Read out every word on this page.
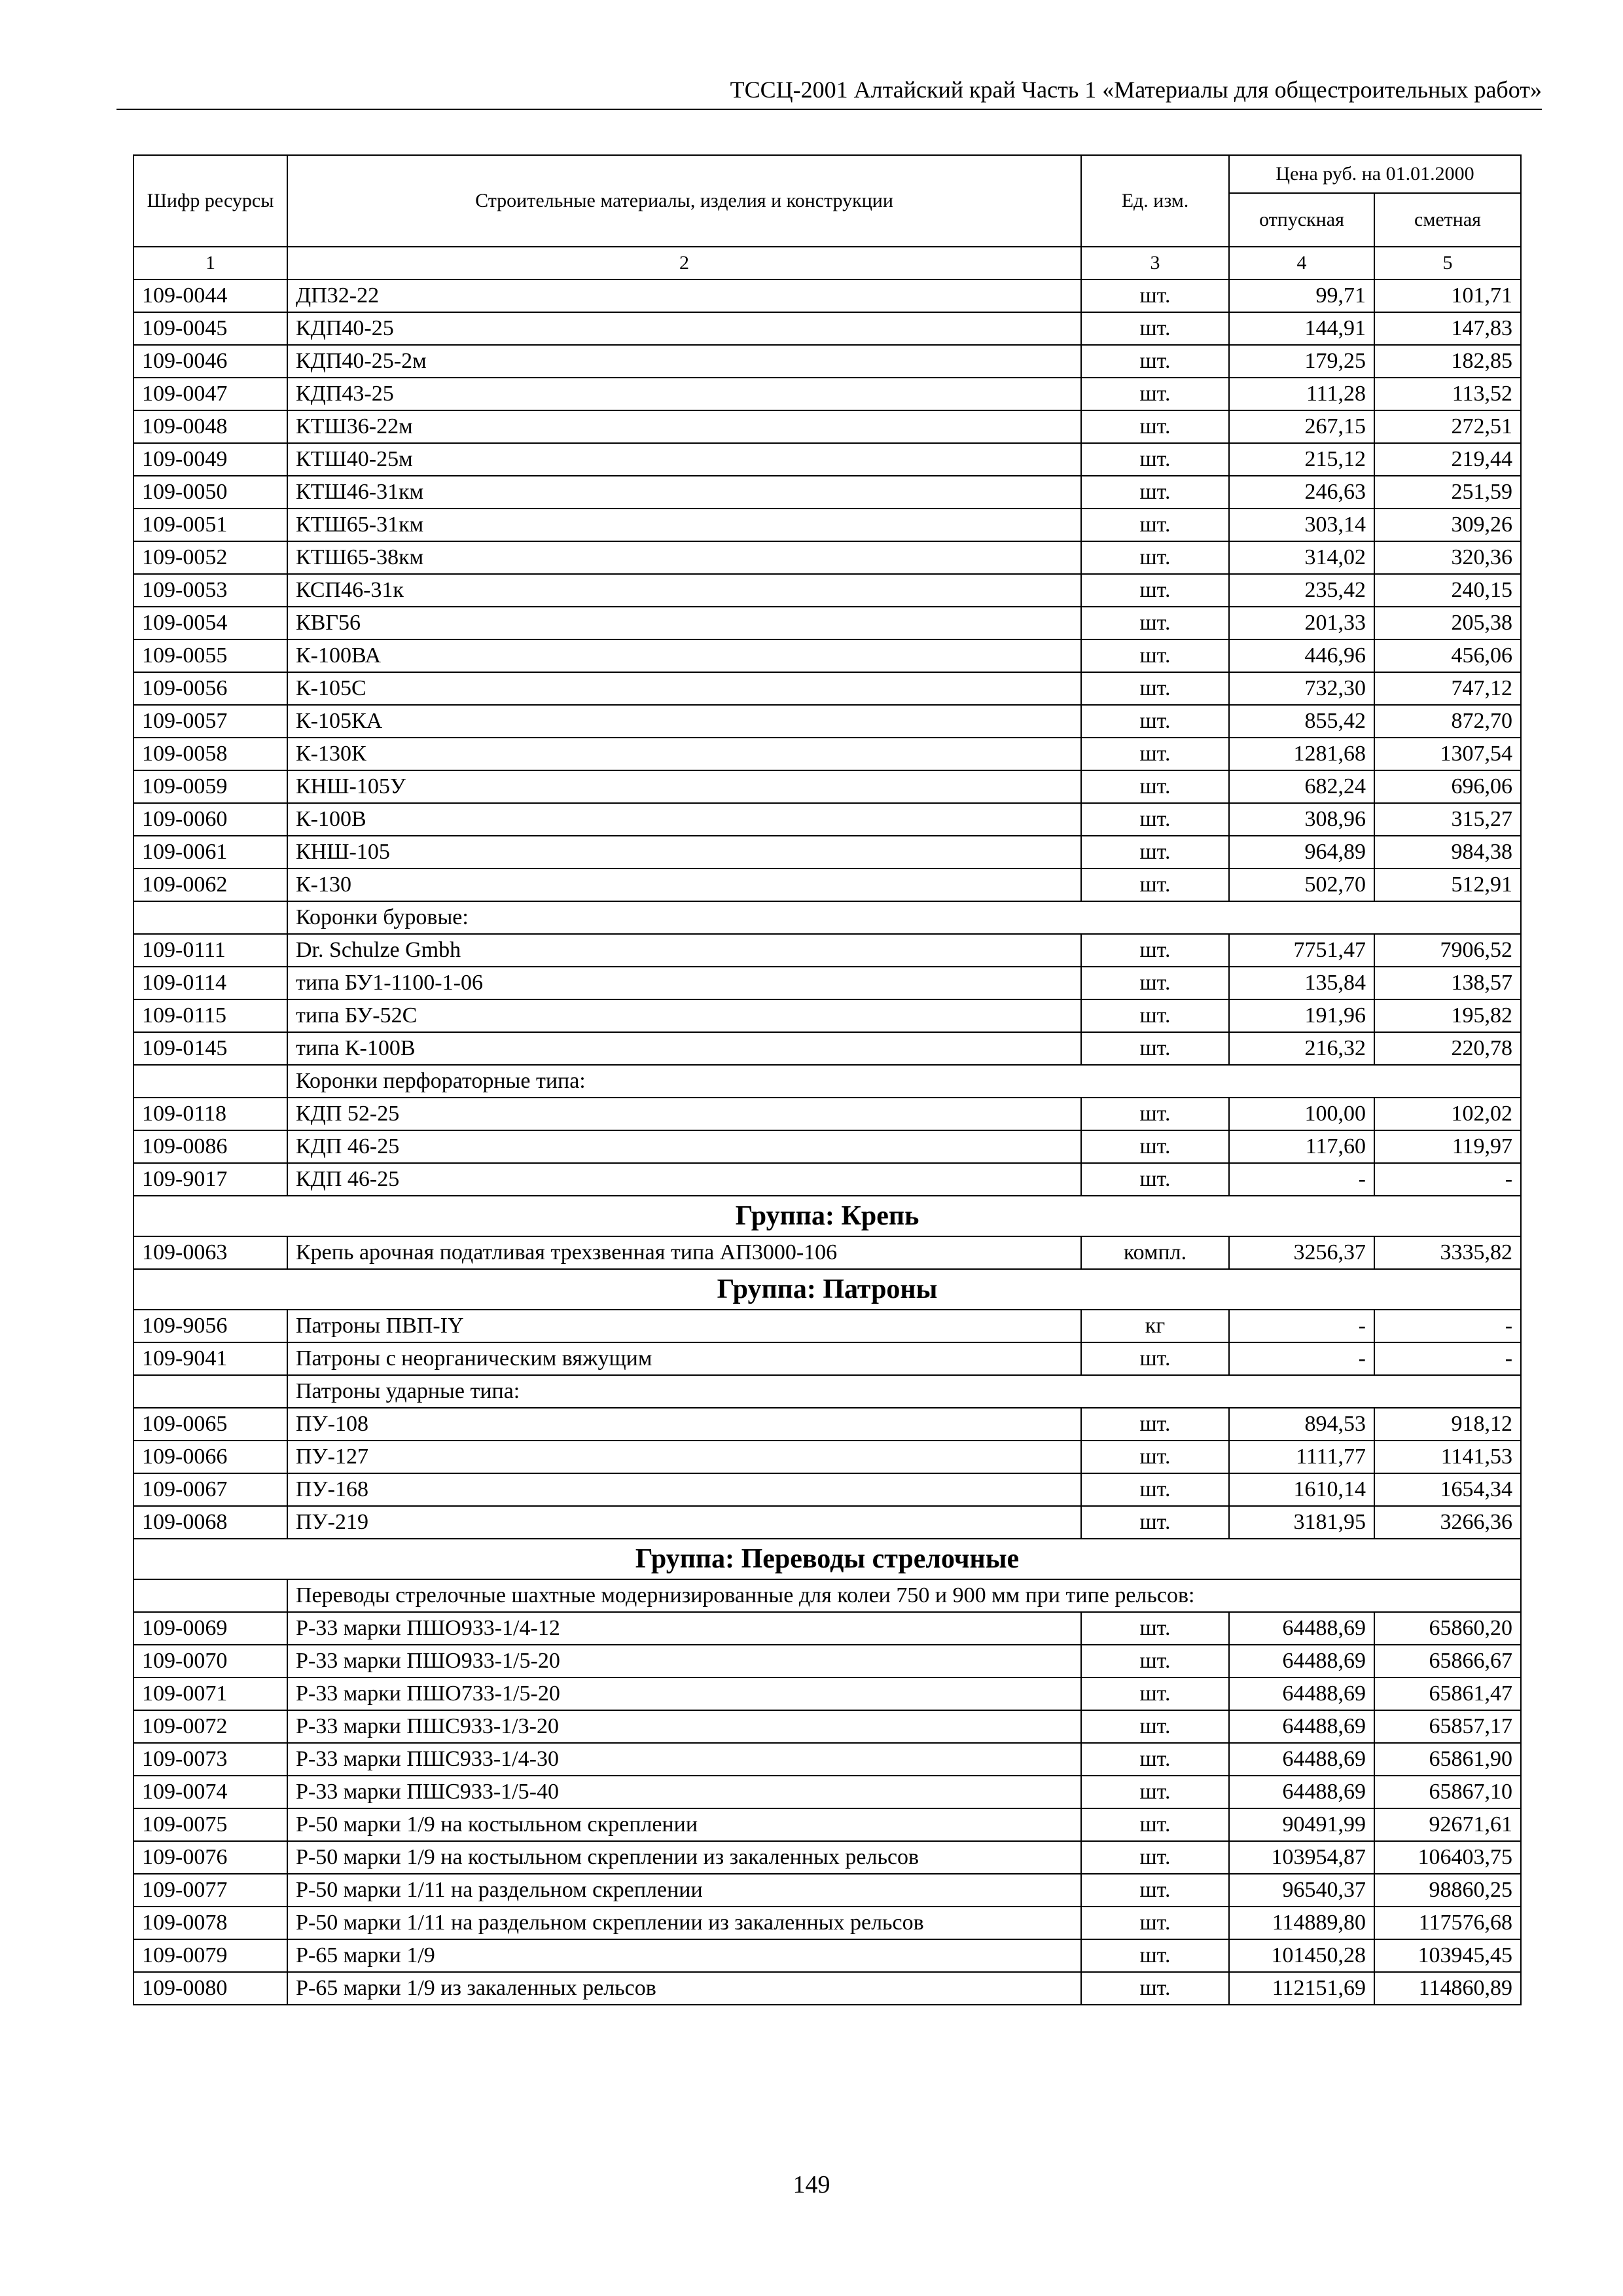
ТССЦ-2001 Алтайский край Часть 1 «Материалы для общестроительных работ»
Шифр ресурсы	Строительные материалы, изделия и конструкции	Ед. изм.	Цена руб. на 01.01.2000	
			отпускная	сметная
1	2	3	4	5
109-0044	ДП32-22	шт.	99,71	101,71
109-0045	КДП40-25	шт.	144,91	147,83
109-0046	КДП40-25-2м	шт.	179,25	182,85
109-0047	КДП43-25	шт.	111,28	113,52
109-0048	КТШ36-22м	шт.	267,15	272,51
109-0049	КТШ40-25м	шт.	215,12	219,44
109-0050	КТШ46-31км	шт.	246,63	251,59
109-0051	КТШ65-31км	шт.	303,14	309,26
109-0052	КТШ65-38км	шт.	314,02	320,36
109-0053	КСП46-31к	шт.	235,42	240,15
109-0054	КВГ56	шт.	201,33	205,38
109-0055	К-100ВА	шт.	446,96	456,06
109-0056	К-105С	шт.	732,30	747,12
109-0057	К-105КА	шт.	855,42	872,70
109-0058	К-130К	шт.	1281,68	1307,54
109-0059	КНШ-105У	шт.	682,24	696,06
109-0060	К-100В	шт.	308,96	315,27
109-0061	КНШ-105	шт.	964,89	984,38
109-0062	К-130	шт.	502,70	512,91
	Коронки буровые:			
109-0111	Dr. Schulze Gmbh	шт.	7751,47	7906,52
109-0114	типа БУ1-1100-1-06	шт.	135,84	138,57
109-0115	типа БУ-52С	шт.	191,96	195,82
109-0145	типа К-100В	шт.	216,32	220,78
	Коронки перфораторные типа:			
109-0118	КДП 52-25	шт.	100,00	102,02
109-0086	КДП 46-25	шт.	117,60	119,97
109-9017	КДП 46-25	шт.	-	-
Группа: Крепь				
109-0063	Крепь арочная податливая трехзвенная типа АП3000-106	компл.	3256,37	3335,82
Группа: Патроны				
109-9056	Патроны ПВП-IY	кг	-	-
109-9041	Патроны с неорганическим вяжущим	шт.	-	-
	Патроны ударные типа:			
109-0065	ПУ-108	шт.	894,53	918,12
109-0066	ПУ-127	шт.	1111,77	1141,53
109-0067	ПУ-168	шт.	1610,14	1654,34
109-0068	ПУ-219	шт.	3181,95	3266,36
Группа: Переводы стрелочные				
	Переводы стрелочные шахтные модернизированные для колеи 750 и 900 мм при типе рельсов:			
109-0069	Р-33 марки ПШО933-1/4-12	шт.	64488,69	65860,20
109-0070	Р-33 марки ПШО933-1/5-20	шт.	64488,69	65866,67
109-0071	Р-33 марки ПШО733-1/5-20	шт.	64488,69	65861,47
109-0072	Р-33 марки ПШС933-1/3-20	шт.	64488,69	65857,17
109-0073	Р-33 марки ПШС933-1/4-30	шт.	64488,69	65861,90
109-0074	Р-33 марки ПШС933-1/5-40	шт.	64488,69	65867,10
109-0075	Р-50 марки 1/9 на костыльном скреплении	шт.	90491,99	92671,61
109-0076	Р-50 марки 1/9 на костыльном скреплении из закаленных рельсов	шт.	103954,87	106403,75
109-0077	Р-50 марки 1/11 на раздельном скреплении	шт.	96540,37	98860,25
109-0078	Р-50 марки 1/11 на раздельном скреплении из закаленных рельсов	шт.	114889,80	117576,68
109-0079	Р-65 марки 1/9	шт.	101450,28	103945,45
109-0080	Р-65 марки 1/9 из закаленных рельсов	шт.	112151,69	114860,89
149
